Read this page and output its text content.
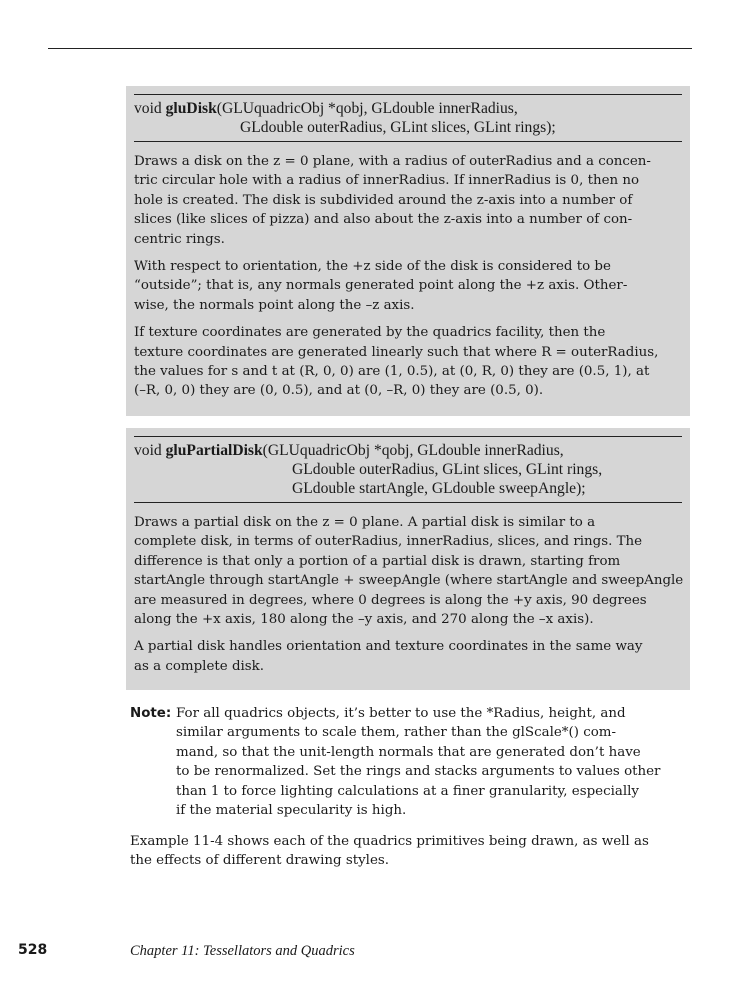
void gluDisk(GLUquadricObj *qobj, GLdouble innerRadius,
GLdouble outerRadius, GLint slices, GLint rings);

Draws a disk on the z = 0 plane, with a radius of outerRadius and a concen-
tric circular hole with a radius of innerRadius. If innerRadius is 0, then no
hole is created. The disk is subdivided around the z-axis into a number of
slices (like slices of pizza) and also about the z-axis into a number of con-
centric rings.

With respect to orientation, the +z side of the disk is considered to be
“outside”; that is, any normals generated point along the +z axis. Other-
wise, the normals point along the –z axis.

If texture coordinates are generated by the quadrics facility, then the
texture coordinates are generated linearly such that where R = outerRadius,
the values for s and t at (R, 0, 0) are (1, 0.5), at (0, R, 0) they are (0.5, 1), at
(–R, 0, 0) they are (0, 0.5), and at (0, –R, 0) they are (0.5, 0).

void gluPartialDisk(GLUquadricObj *qobj, GLdouble innerRadius,
GLdouble outerRadius, GLint slices, GLint rings,
GLdouble startAngle, GLdouble sweepAngle);

Draws a partial disk on the z = 0 plane. A partial disk is similar to a
complete disk, in terms of outerRadius, innerRadius, slices, and rings. The
difference is that only a portion of a partial disk is drawn, starting from
startAngle through startAngle + sweepAngle (where startAngle and sweepAngle
are measured in degrees, where 0 degrees is along the +y axis, 90 degrees
along the +x axis, 180 along the –y axis, and 270 along the –x axis).

A partial disk handles orientation and texture coordinates in the same way
as a complete disk.

Note: For all quadrics objects, it’s better to use the *Radius, height, and
similar arguments to scale them, rather than the glScale*() com-
mand, so that the unit-length normals that are generated don’t have
to be renormalized. Set the rings and stacks arguments to values other
than 1 to force lighting calculations at a finer granularity, especially
if the material specularity is high.
Example 11-4 shows each of the quadrics primitives being drawn, as well as
the effects of different drawing styles.
528	Chapter 11: Tessellators and Quadrics
